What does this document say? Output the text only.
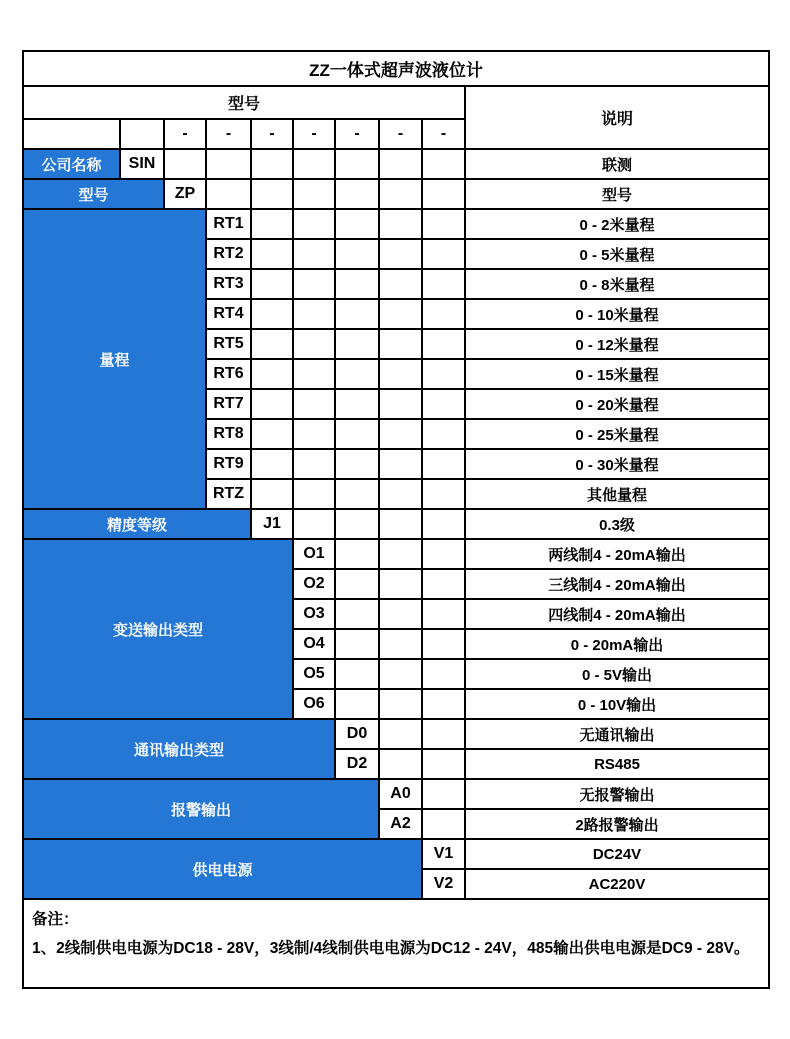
ZZ一体式超声波液位计									
型号									说明
		-	-	-	-	-	-	-	
公司名称	SIN								联测
型号		ZP							型号
量程			RT1						0 - 2米量程
			RT2						0 - 5米量程
			RT3						0 - 8米量程
			RT4						0 - 10米量程
			RT5						0 - 12米量程
			RT6						0 - 15米量程
			RT7						0 - 20米量程
			RT8						0 - 25米量程
			RT9						0 - 30米量程
			RTZ						其他量程
精度等级				J1					0.3级
变送输出类型					O1				两线制4 - 20mA输出
					O2				三线制4 - 20mA输出
					O3				四线制4 - 20mA输出
					O4				0 - 20mA输出
					O5				0 - 5V输出
					O6				0 - 10V输出
通讯输出类型						D0			无通讯输出
						D2			RS485
报警输出							A0		无报警输出
							A2		2路报警输出
供电电源								V1	DC24V
								V2	AC220V

备注：
1、2线制供电电源为DC18 - 28V，3线制/4线制供电电源为DC12 - 24V，485输出供电电源是DC9 - 28V。									
